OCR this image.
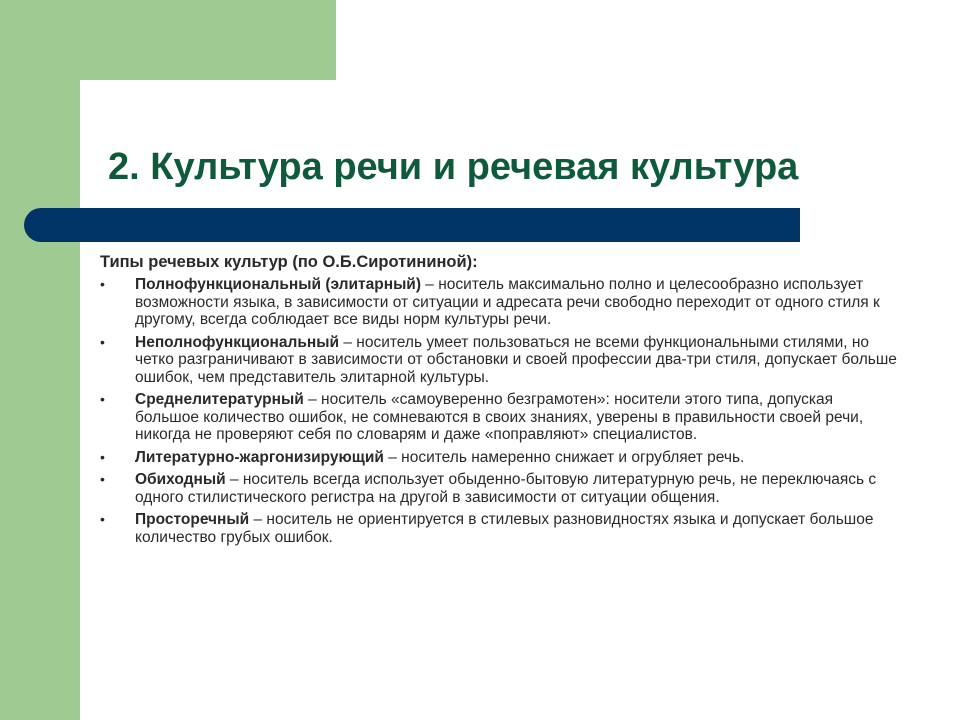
2. Культура речи и речевая культура

Типы речевых культур (по О.Б.Сиротининой):

• Полнофункциональный (элитарный) – носитель максимально полно и целесообразно использует возможности языка, в зависимости от ситуации и адресата речи свободно переходит от одного стиля к другому, всегда соблюдает все виды норм культуры речи.
• Неполнофункциональный – носитель умеет пользоваться не всеми функциональными стилями, но четко разграничивают в зависимости от обстановки и своей профессии два-три стиля, допускает больше ошибок, чем представитель элитарной культуры.
• Среднелитературный – носитель «самоуверенно безграмотен»: носители этого типа, допуская большое количество ошибок, не сомневаются в своих знаниях, уверены в правильности своей речи, никогда не проверяют себя по словарям и даже «поправляют» специалистов.
• Литературно-жаргонизирующий – носитель намеренно снижает и огрубляет речь.
• Обиходный – носитель всегда использует обыденно-бытовую литературную речь, не переключаясь с одного стилистического регистра на другой в зависимости от ситуации общения.
• Просторечный – носитель не ориентируется в стилевых разновидностях языка и допускает большое количество грубых ошибок.
